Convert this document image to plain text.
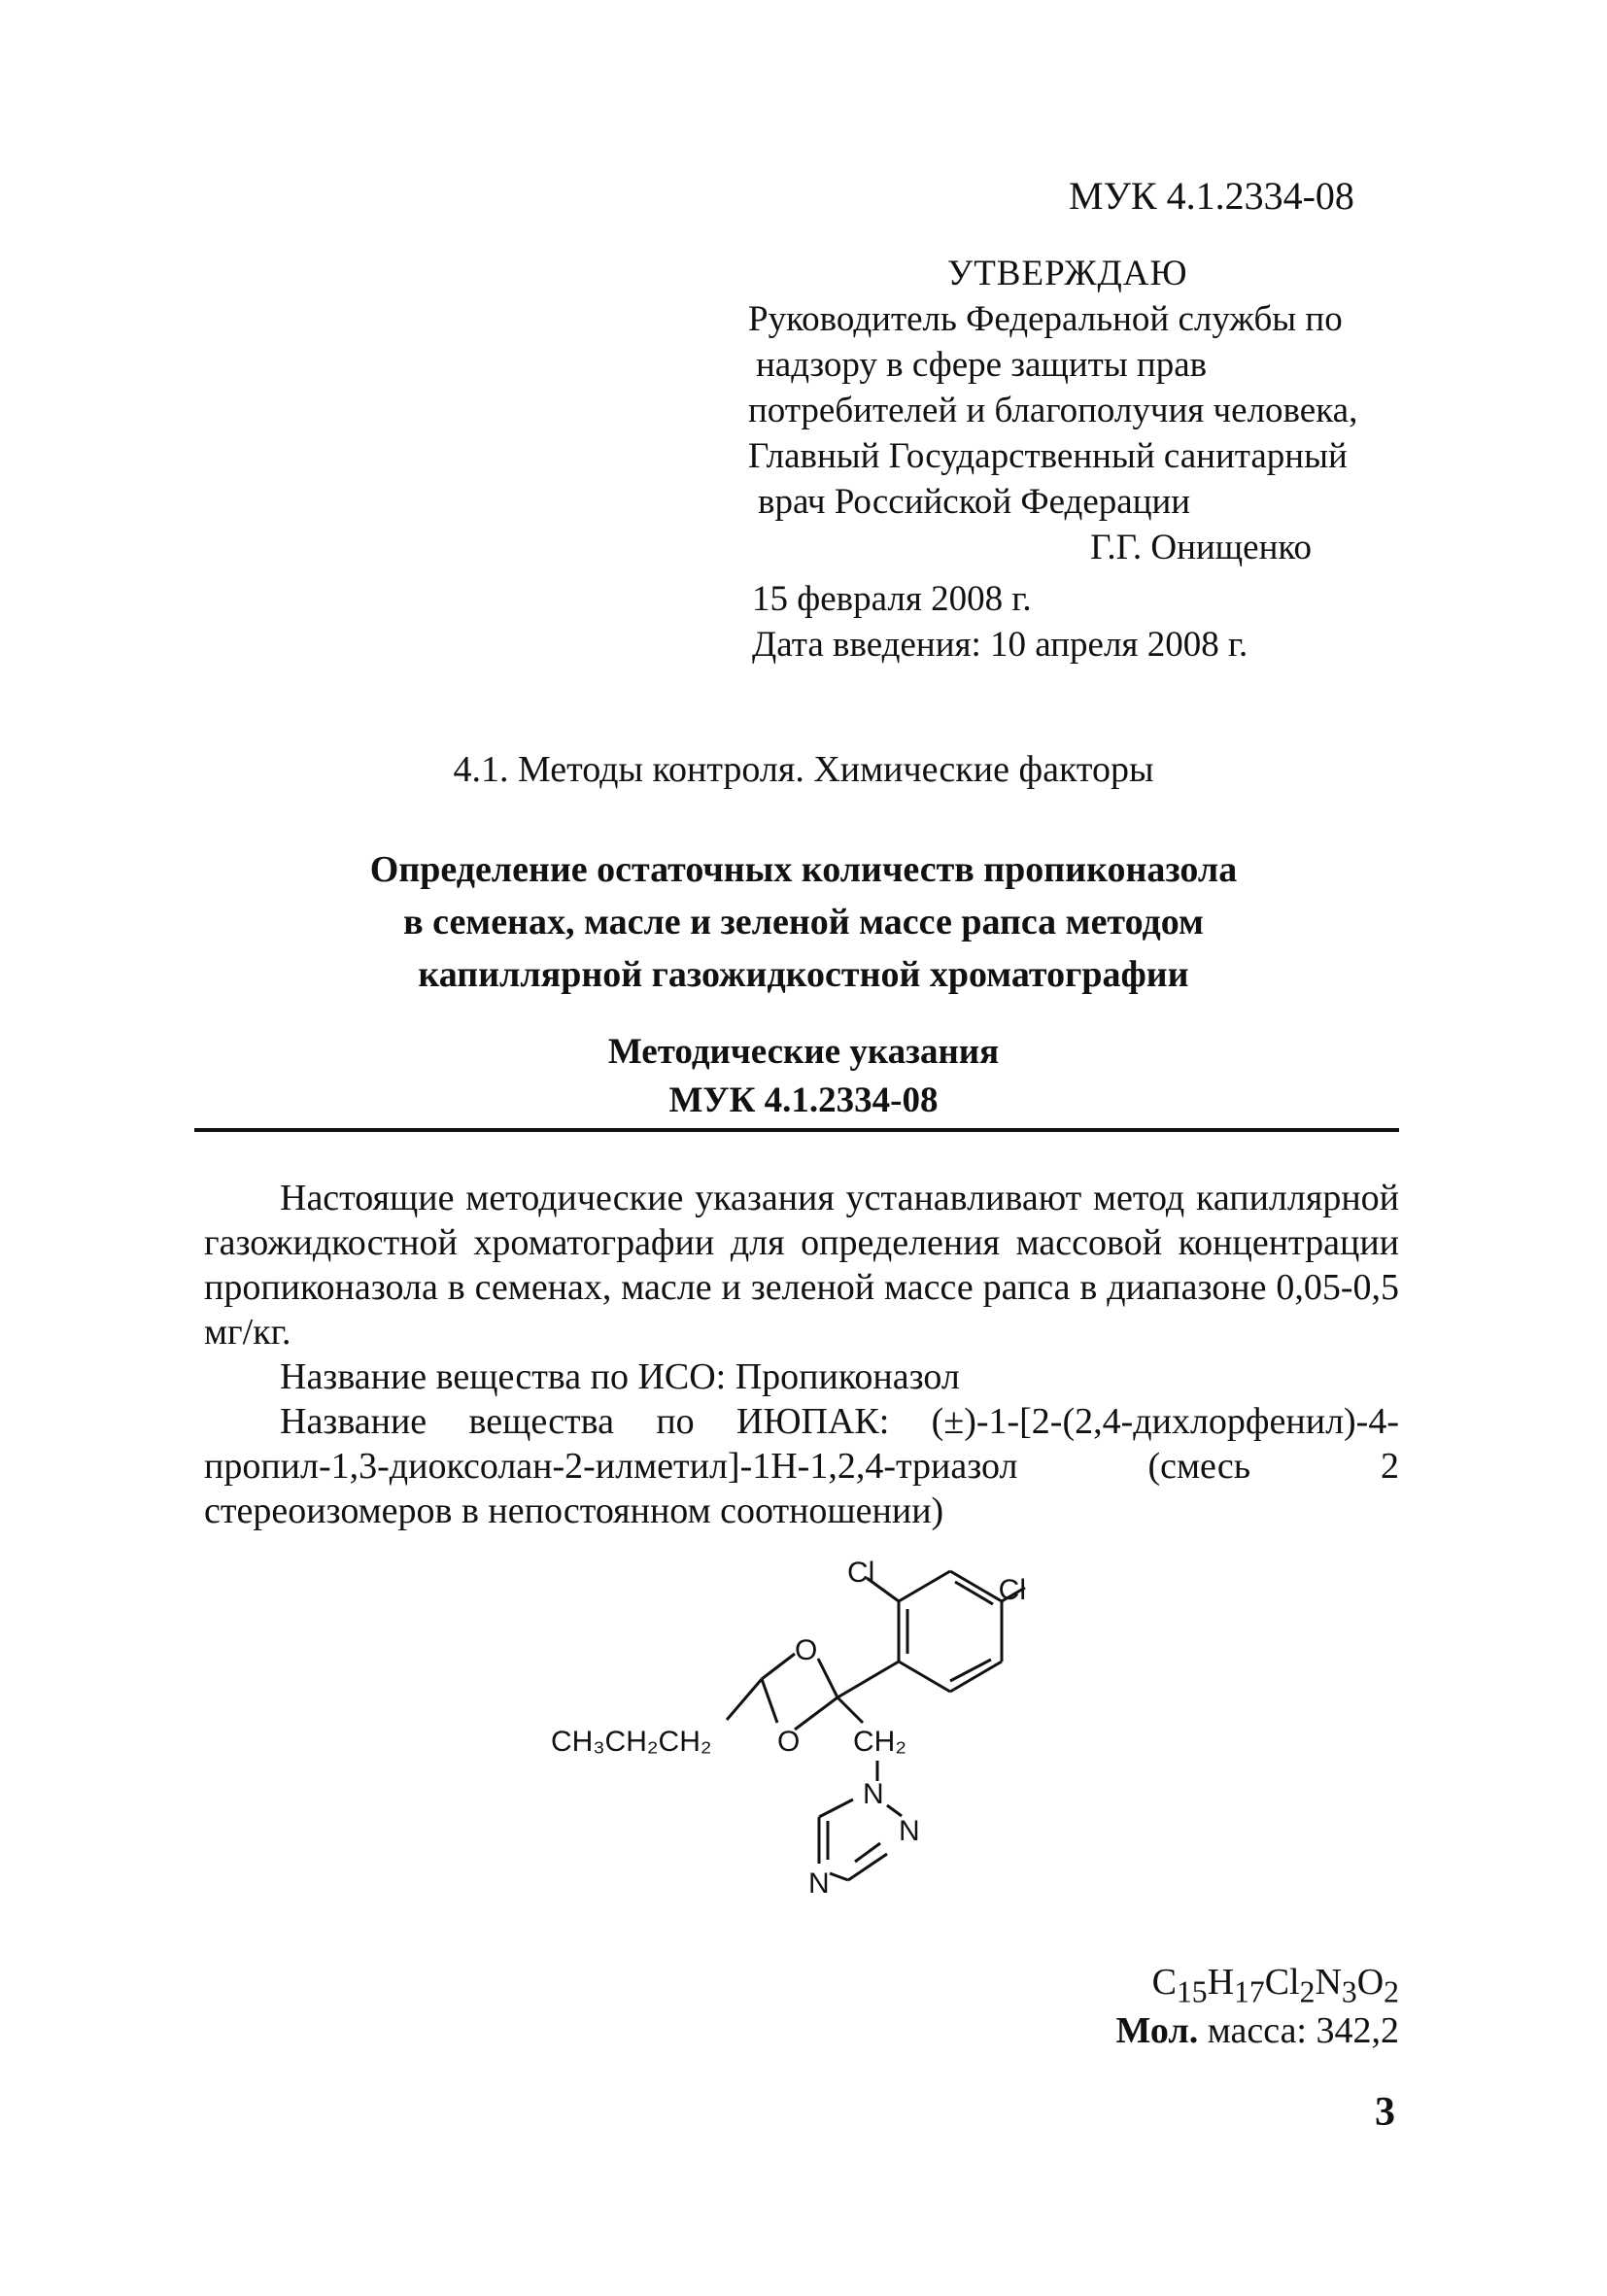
МУК 4.1.2334-08
УТВЕРЖДАЮ
Руководитель Федеральной службы по
надзору в сфере защиты прав
потребителей и благополучия человека,
Главный Государственный санитарный
врач Российской Федерации
Г.Г. Онищенко
15 февраля 2008 г.
Дата введения: 10 апреля 2008 г.
4.1. Методы контроля. Химические факторы
Определение остаточных количеств пропиконазола
в семенах, масле и зеленой массе рапса методом
капиллярной газожидкостной хроматографии
Методические указания
МУК 4.1.2334-08

Настоящие методические указания устанавливают метод капиллярной газожидкостной хроматографии для определения массовой концентрации пропиконазола в семенах, масле и зеленой массе рапса в диапазоне 0,05-0,5 мг/кг.

Название вещества по ИСО: Пропиконазол

Название вещества по ИЮПАК: (±)-1-[2-(2,4-дихлорфенил)-4-пропил-1,3-диоксолан-2-илметил]-1Н-1,2,4-триазол (смесь 2 стереоизомеров в непостоянном соотношении)

Cl
Cl
O
O CH₂
CH₃CH₂CH₂
N
N
N
$C_{15}H_{17}Cl_2N_3O_2$
Мол. масса: 342,2
3
